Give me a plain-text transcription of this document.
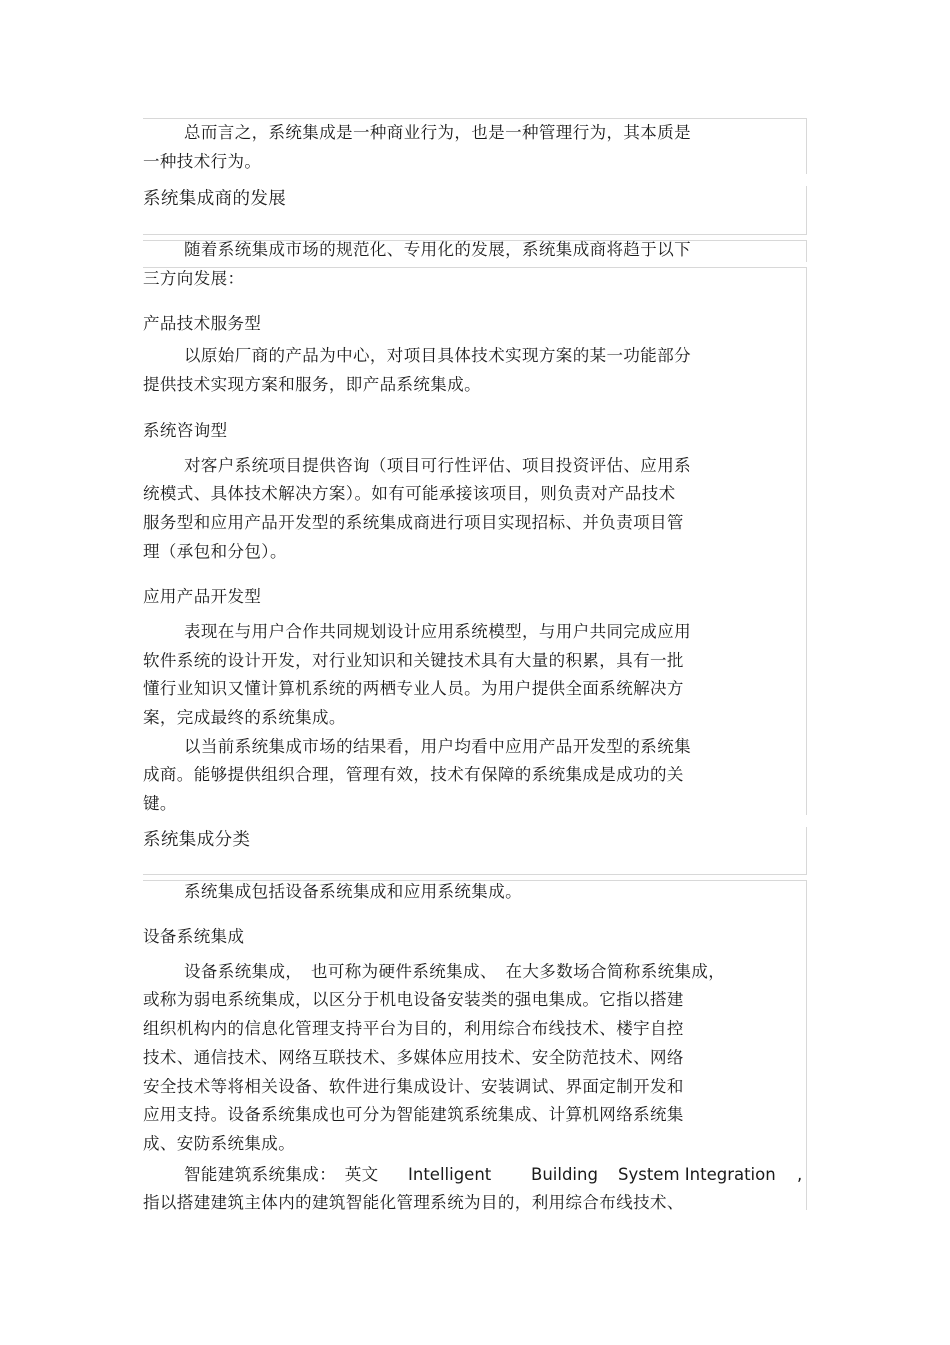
总而言之，系统集成是一种商业行为，也是一种管理行为，其本质是
一种技术行为。
系统集成商的发展
随着系统集成市场的规范化、专用化的发展，系统集成商将趋于以下
三方向发展：
产品技术服务型
以原始厂商的产品为中心，对项目具体技术实现方案的某一功能部分
提供技术实现方案和服务，即产品系统集成。
系统咨询型
对客户系统项目提供咨询（项目可行性评估、项目投资评估、应用系
统模式、具体技术解决方案）。如有可能承接该项目，则负责对产品技术
服务型和应用产品开发型的系统集成商进行项目实现招标、并负责项目管
理（承包和分包）。
应用产品开发型
表现在与用户合作共同规划设计应用系统模型，与用户共同完成应用
软件系统的设计开发，对行业知识和关键技术具有大量的积累，具有一批
懂行业知识又懂计算机系统的两栖专业人员。为用户提供全面系统解决方
案，完成最终的系统集成。
以当前系统集成市场的结果看，用户均看中应用产品开发型的系统集
成商。能够提供组织合理，管理有效，技术有保障的系统集成是成功的关
键。
系统集成分类
系统集成包括设备系统集成和应用系统集成。
设备系统集成
设备系统集成，　也可称为硬件系统集成、　在大多数场合简称系统集成，
或称为弱电系统集成，以区分于机电设备安装类的强电集成。它指以搭建
组织机构内的信息化管理支持平台为目的，利用综合布线技术、楼宇自控
技术、通信技术、网络互联技术、多媒体应用技术、安全防范技术、网络
安全技术等将相关设备、软件进行集成设计、安装调试、界面定制开发和
应用支持。设备系统集成也可分为智能建筑系统集成、计算机网络系统集
成、安防系统集成。
智能建筑系统集成：　英文 Intelligent Building System Integration ,
指以搭建建筑主体内的建筑智能化管理系统为目的，利用综合布线技术、
